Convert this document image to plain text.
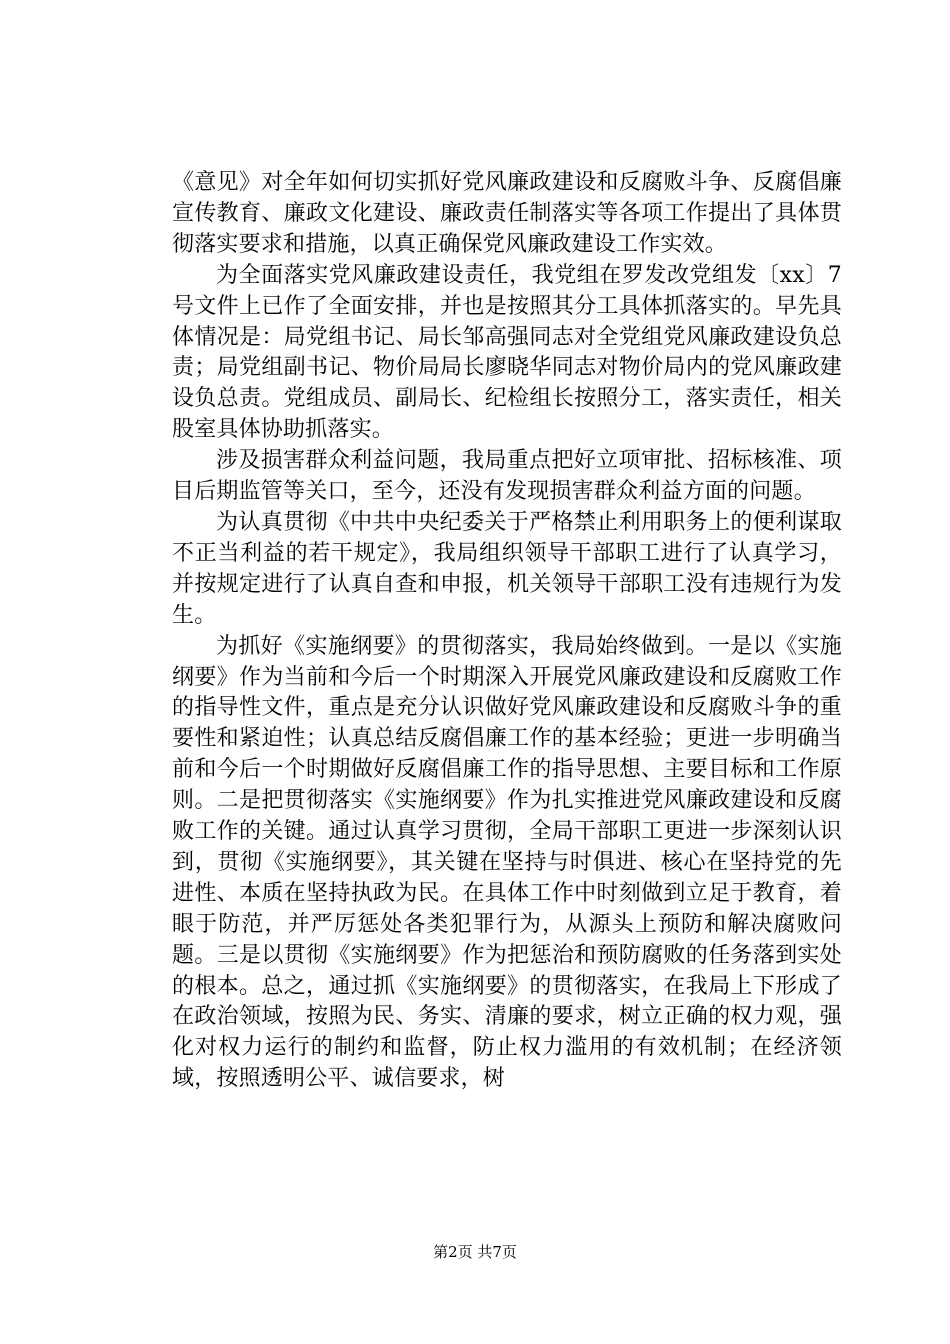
《意见》对全年如何切实抓好党风廉政建设和反腐败斗争、反腐倡廉宣传教育、廉政文化建设、廉政责任制落实等各项工作提出了具体贯彻落实要求和措施，以真正确保党风廉政建设工作实效。

为全面落实党风廉政建设责任，我党组在罗发改党组发〔xx〕7号文件上已作了全面安排，并也是按照其分工具体抓落实的。早先具体情况是：局党组书记、局长邹高强同志对全党组党风廉政建设负总责；局党组副书记、物价局局长廖晓华同志对物价局内的党风廉政建设负总责。党组成员、副局长、纪检组长按照分工，落实责任，相关股室具体协助抓落实。

涉及损害群众利益问题，我局重点把好立项审批、招标核准、项目后期监管等关口，至今，还没有发现损害群众利益方面的问题。

为认真贯彻《中共中央纪委关于严格禁止利用职务上的便利谋取不正当利益的若干规定》，我局组织领导干部职工进行了认真学习，并按规定进行了认真自查和申报，机关领导干部职工没有违规行为发生。

为抓好《实施纲要》的贯彻落实，我局始终做到。一是以《实施纲要》作为当前和今后一个时期深入开展党风廉政建设和反腐败工作的指导性文件，重点是充分认识做好党风廉政建设和反腐败斗争的重要性和紧迫性；认真总结反腐倡廉工作的基本经验；更进一步明确当前和今后一个时期做好反腐倡廉工作的指导思想、主要目标和工作原则。二是把贯彻落实《实施纲要》作为扎实推进党风廉政建设和反腐败工作的关键。通过认真学习贯彻，全局干部职工更进一步深刻认识到，贯彻《实施纲要》，其关键在坚持与时俱进、核心在坚持党的先进性、本质在坚持执政为民。在具体工作中时刻做到立足于教育，着眼于防范，并严厉惩处各类犯罪行为，从源头上预防和解决腐败问题。三是以贯彻《实施纲要》作为把惩治和预防腐败的任务落到实处的根本。总之，通过抓《实施纲要》的贯彻落实，在我局上下形成了在政治领域，按照为民、务实、清廉的要求，树立正确的权力观，强化对权力运行的制约和监督，防止权力滥用的有效机制；在经济领域，按照透明公平、诚信要求，树

第2页 共7页
